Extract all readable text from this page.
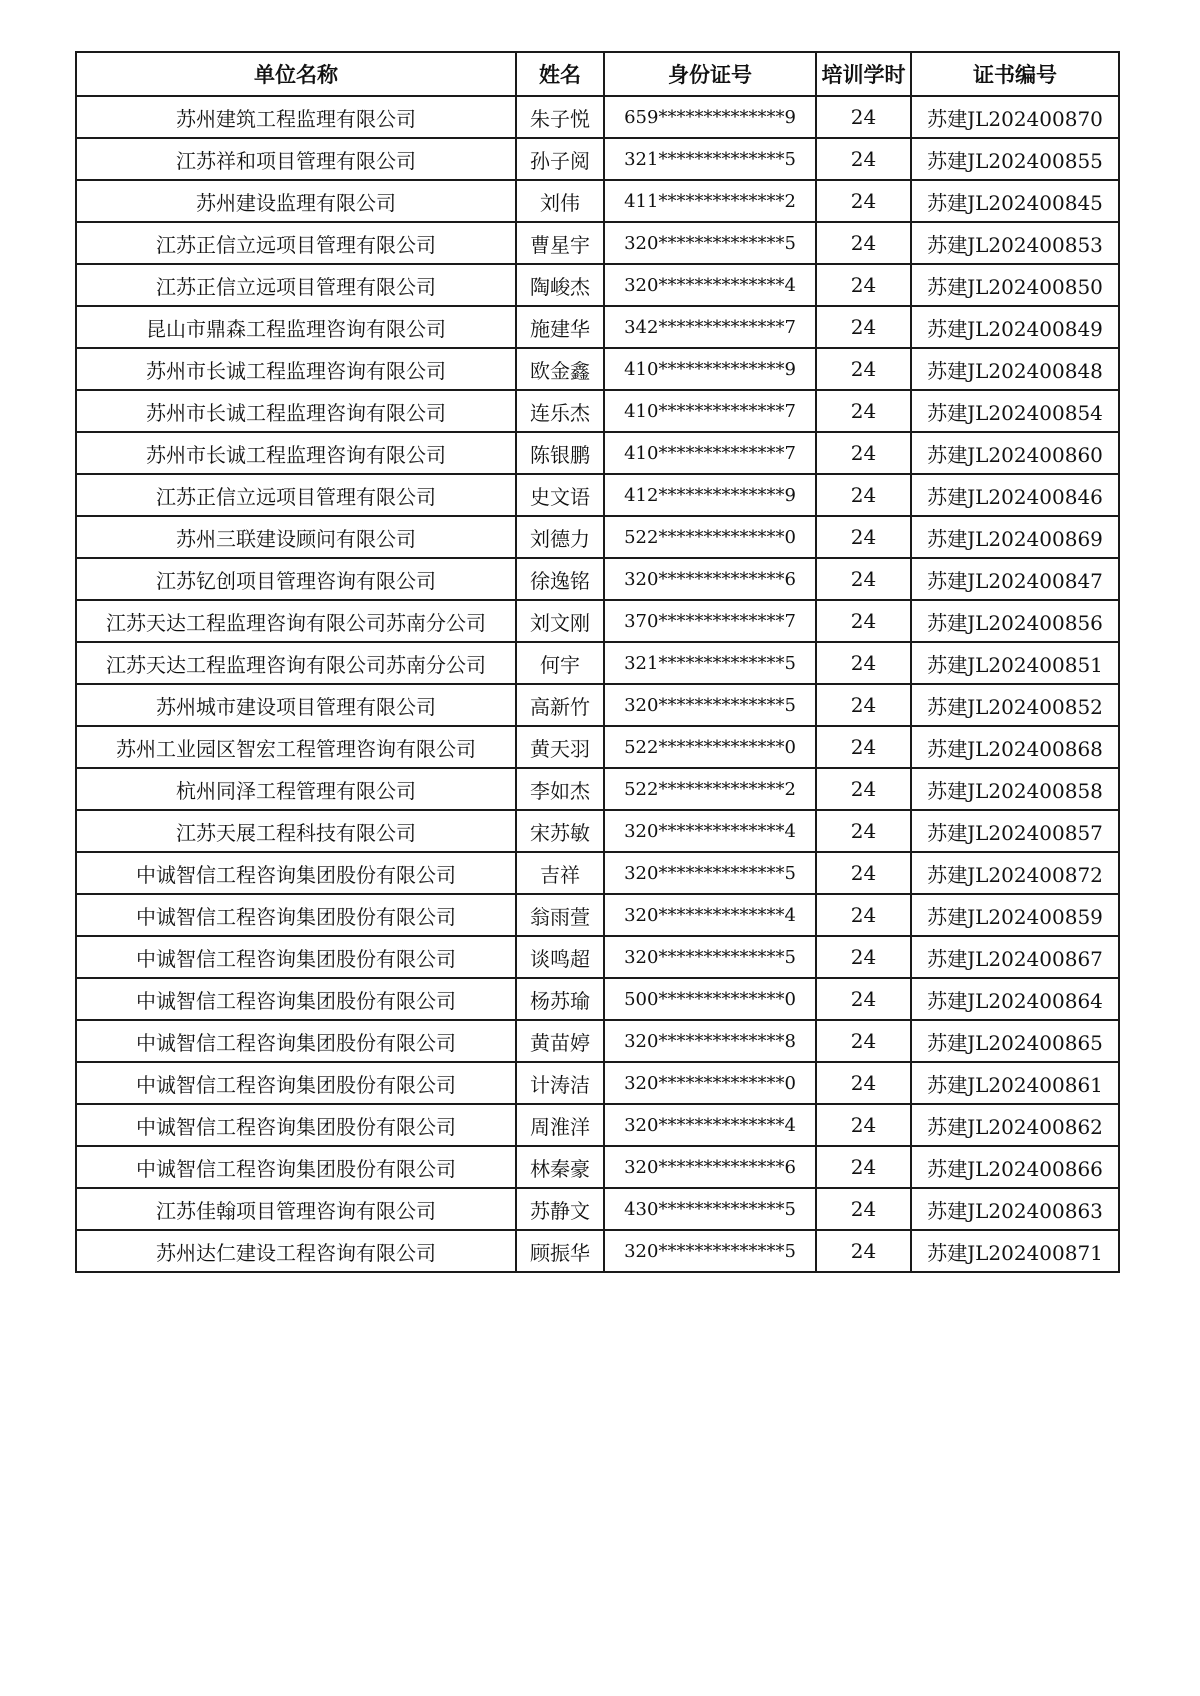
单位名称	姓名	身份证号	培训学时	证书编号
苏州建筑工程监理有限公司	朱子悦	659**************9	24	苏建JL202400870
江苏祥和项目管理有限公司	孙子阅	321**************5	24	苏建JL202400855
苏州建设监理有限公司	刘伟	411**************2	24	苏建JL202400845
江苏正信立远项目管理有限公司	曹星宇	320**************5	24	苏建JL202400853
江苏正信立远项目管理有限公司	陶峻杰	320**************4	24	苏建JL202400850
昆山市鼎森工程监理咨询有限公司	施建华	342**************7	24	苏建JL202400849
苏州市长诚工程监理咨询有限公司	欧金鑫	410**************9	24	苏建JL202400848
苏州市长诚工程监理咨询有限公司	连乐杰	410**************7	24	苏建JL202400854
苏州市长诚工程监理咨询有限公司	陈银鹏	410**************7	24	苏建JL202400860
江苏正信立远项目管理有限公司	史文语	412**************9	24	苏建JL202400846
苏州三联建设顾问有限公司	刘德力	522**************0	24	苏建JL202400869
江苏钇创项目管理咨询有限公司	徐逸铭	320**************6	24	苏建JL202400847
江苏天达工程监理咨询有限公司苏南分公司	刘文刚	370**************7	24	苏建JL202400856
江苏天达工程监理咨询有限公司苏南分公司	何宇	321**************5	24	苏建JL202400851
苏州城市建设项目管理有限公司	高新竹	320**************5	24	苏建JL202400852
苏州工业园区智宏工程管理咨询有限公司	黄天羽	522**************0	24	苏建JL202400868
杭州同泽工程管理有限公司	李如杰	522**************2	24	苏建JL202400858
江苏天展工程科技有限公司	宋苏敏	320**************4	24	苏建JL202400857
中诚智信工程咨询集团股份有限公司	吉祥	320**************5	24	苏建JL202400872
中诚智信工程咨询集团股份有限公司	翁雨萱	320**************4	24	苏建JL202400859
中诚智信工程咨询集团股份有限公司	谈鸣超	320**************5	24	苏建JL202400867
中诚智信工程咨询集团股份有限公司	杨苏瑜	500**************0	24	苏建JL202400864
中诚智信工程咨询集团股份有限公司	黄苗婷	320**************8	24	苏建JL202400865
中诚智信工程咨询集团股份有限公司	计涛洁	320**************0	24	苏建JL202400861
中诚智信工程咨询集团股份有限公司	周淮洋	320**************4	24	苏建JL202400862
中诚智信工程咨询集团股份有限公司	林秦豪	320**************6	24	苏建JL202400866
江苏佳翰项目管理咨询有限公司	苏静文	430**************5	24	苏建JL202400863
苏州达仁建设工程咨询有限公司	顾振华	320**************5	24	苏建JL202400871
